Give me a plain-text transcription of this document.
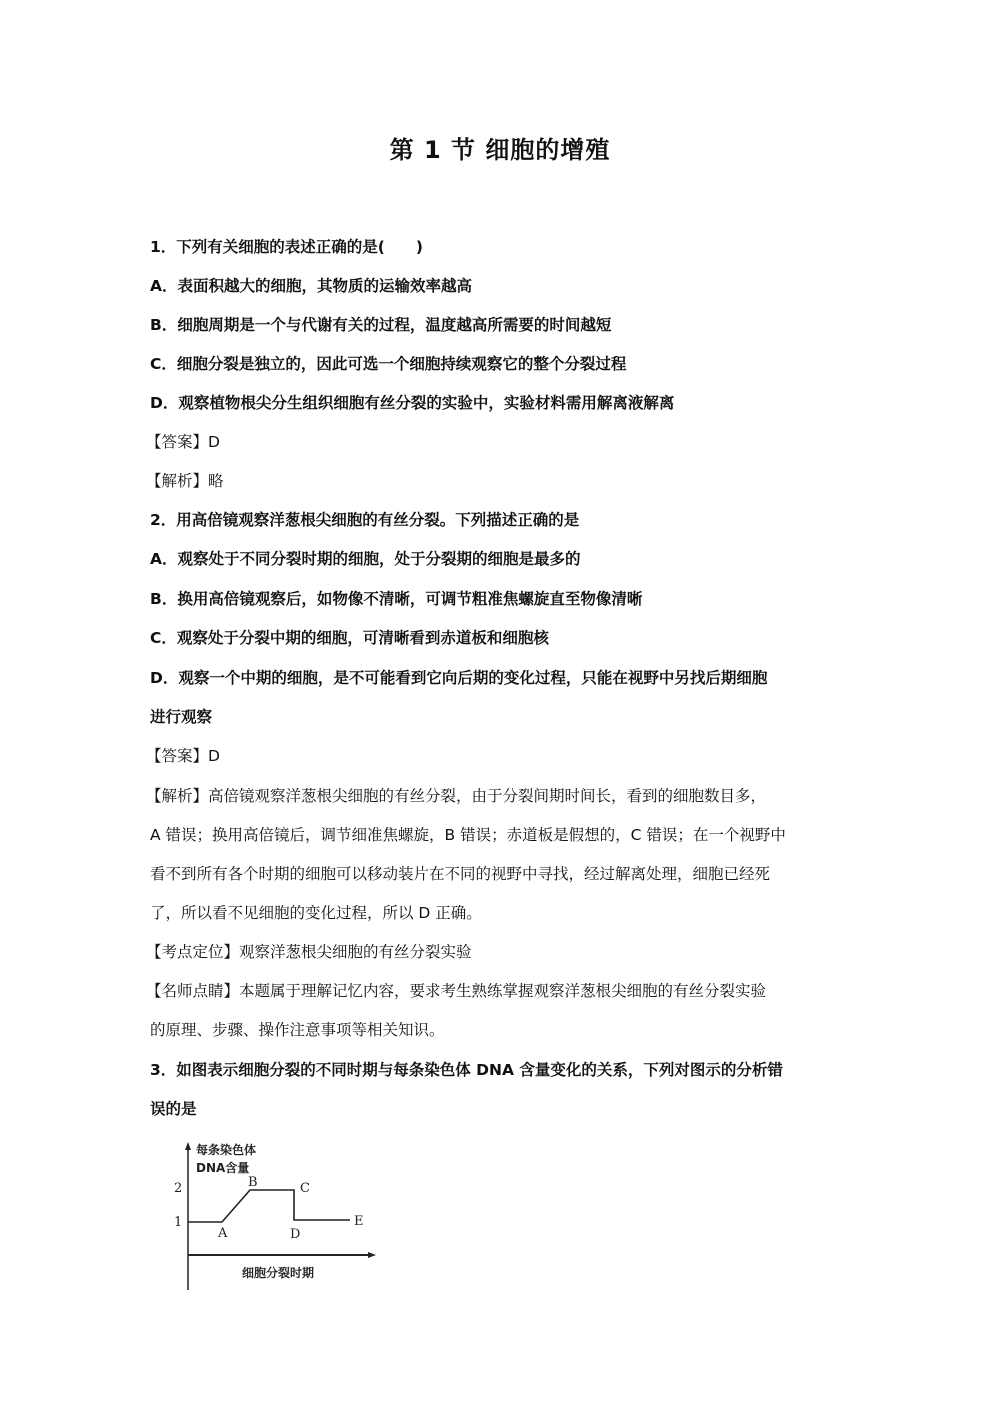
第 1 节 细胞的增殖
1．下列有关细胞的表述正确的是(　　)
A．表面积越大的细胞，其物质的运输效率越高
B．细胞周期是一个与代谢有关的过程，温度越高所需要的时间越短
C．细胞分裂是独立的，因此可选一个细胞持续观察它的整个分裂过程
D．观察植物根尖分生组织细胞有丝分裂的实验中，实验材料需用解离液解离
【答案】D
【解析】略
2．用高倍镜观察洋葱根尖细胞的有丝分裂。下列描述正确的是
A．观察处于不同分裂时期的细胞，处于分裂期的细胞是最多的
B．换用高倍镜观察后，如物像不清晰，可调节粗准焦螺旋直至物像清晰
C．观察处于分裂中期的细胞，可清晰看到赤道板和细胞核
D．观察一个中期的细胞，是不可能看到它向后期的变化过程，只能在视野中另找后期细胞
进行观察
【答案】D
【解析】高倍镜观察洋葱根尖细胞的有丝分裂，由于分裂间期时间长，看到的细胞数目多，
A 错误；换用高倍镜后，调节细准焦螺旋，B 错误；赤道板是假想的，C 错误；在一个视野中
看不到所有各个时期的细胞可以移动装片在不同的视野中寻找，经过解离处理，细胞已经死
了，所以看不见细胞的变化过程，所以 D 正确。
【考点定位】观察洋葱根尖细胞的有丝分裂实验
【名师点睛】本题属于理解记忆内容，要求考生熟练掌握观察洋葱根尖细胞的有丝分裂实验
的原理、步骤、操作注意事项等相关知识。
3．如图表示细胞分裂的不同时期与每条染色体 DNA 含量变化的关系，下列对图示的分析错
误的是
每条染色体
DNA含量
2
1
A
B	C
D
E
细胞分裂时期
